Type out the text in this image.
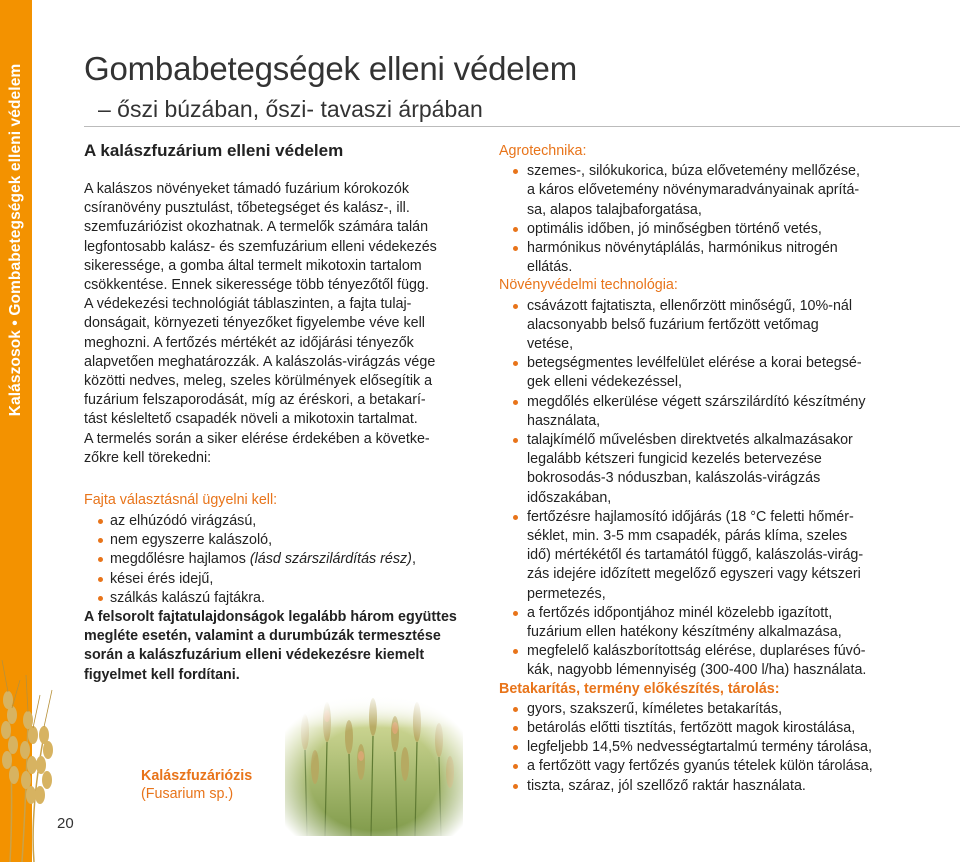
Kalászosok • Gombabetegségek elleni védelem
20
Gombabetegségek elleni védelem
– őszi búzában, őszi- tavaszi árpában
A kalászfuzárium elleni védelem
A kalászos növényeket támadó fuzárium kórokozók
csíranövény pusztulást, tőbetegséget és kalász-, ill.
szemfuzáriózist okozhatnak. A termelők számára talán
legfontosabb kalász- és szemfuzárium elleni védekezés
sikeressége, a gomba által termelt mikotoxin tartalom
csökkentése. Ennek sikeressége több tényezőtől függ.
A védekezési technológiát táblaszinten, a fajta tulaj-
donságait, környezeti tényezőket figyelembe véve kell
meghozni. A fertőzés mértékét az időjárási tényezők
alapvetően meghatározzák. A kalászolás-virágzás vége
közötti nedves, meleg, szeles körülmények elősegítik a
fuzárium felszaporodását, míg az éréskori, a betakarí-
tást késleltető csapadék növeli a mikotoxin tartalmat.
A termelés során a siker elérése érdekében a követke-
zőkre kell törekedni:
Fajta választásnál ügyelni kell:
az elhúzódó virágzású,
nem egyszerre kalászoló,
megdőlésre hajlamos (lásd szárszilárdítás rész),
kései érés idejű,
szálkás kalászú fajtákra.
A felsorolt fajtatulajdonságok legalább három együttes
megléte esetén, valamint a durumbúzák termesztése
során a kalászfuzárium elleni védekezésre kiemelt
figyelmet kell fordítani.
Kalászfuzáriózis
(Fusarium sp.)
Agrotechnika:
szemes-, silókukorica, búza elővetemény mellőzése,
a káros elővetemény növénymaradványainak aprítá-
sa, alapos talajbaforgatása,
optimális időben, jó minőségben történő vetés,
harmónikus növénytáplálás, harmónikus nitrogén
ellátás.
Növényvédelmi technológia:
csávázott fajtatiszta, ellenőrzött minőségű, 10%-nál
alacsonyabb belső fuzárium fertőzött vetőmag
vetése,
betegségmentes levélfelület elérése a korai betegsé-
gek elleni védekezéssel,
megdőlés elkerülése végett szárszilárdító készítmény
használata,
talajkímélő művelésben direktvetés alkalmazásakor
legalább kétszeri fungicid kezelés betervezése
bokrosodás-3 nóduszban, kalászolás-virágzás
időszakában,
fertőzésre hajlamosító időjárás (18 °C feletti hőmér-
séklet, min. 3-5 mm csapadék, párás klíma, szeles
idő) mértékétől és tartamától függő, kalászolás-virág-
zás idejére időzített megelőző egyszeri vagy kétszeri
permetezés,
a fertőzés időpontjához minél közelebb igazított,
fuzárium ellen hatékony készítmény alkalmazása,
megfelelő kalászborítottság elérése, duplaréses fúvó-
kák, nagyobb lémennyiség (300-400 l/ha) használata.
Betakarítás, termény előkészítés, tárolás:
gyors, szakszerű, kíméletes betakarítás,
betárolás előtti tisztítás, fertőzött magok kirostálása,
legfeljebb 14,5% nedvességtartalmú termény tárolása,
a fertőzött vagy fertőzés gyanús tételek külön tárolása,
tiszta, száraz, jól szellőző raktár használata.
